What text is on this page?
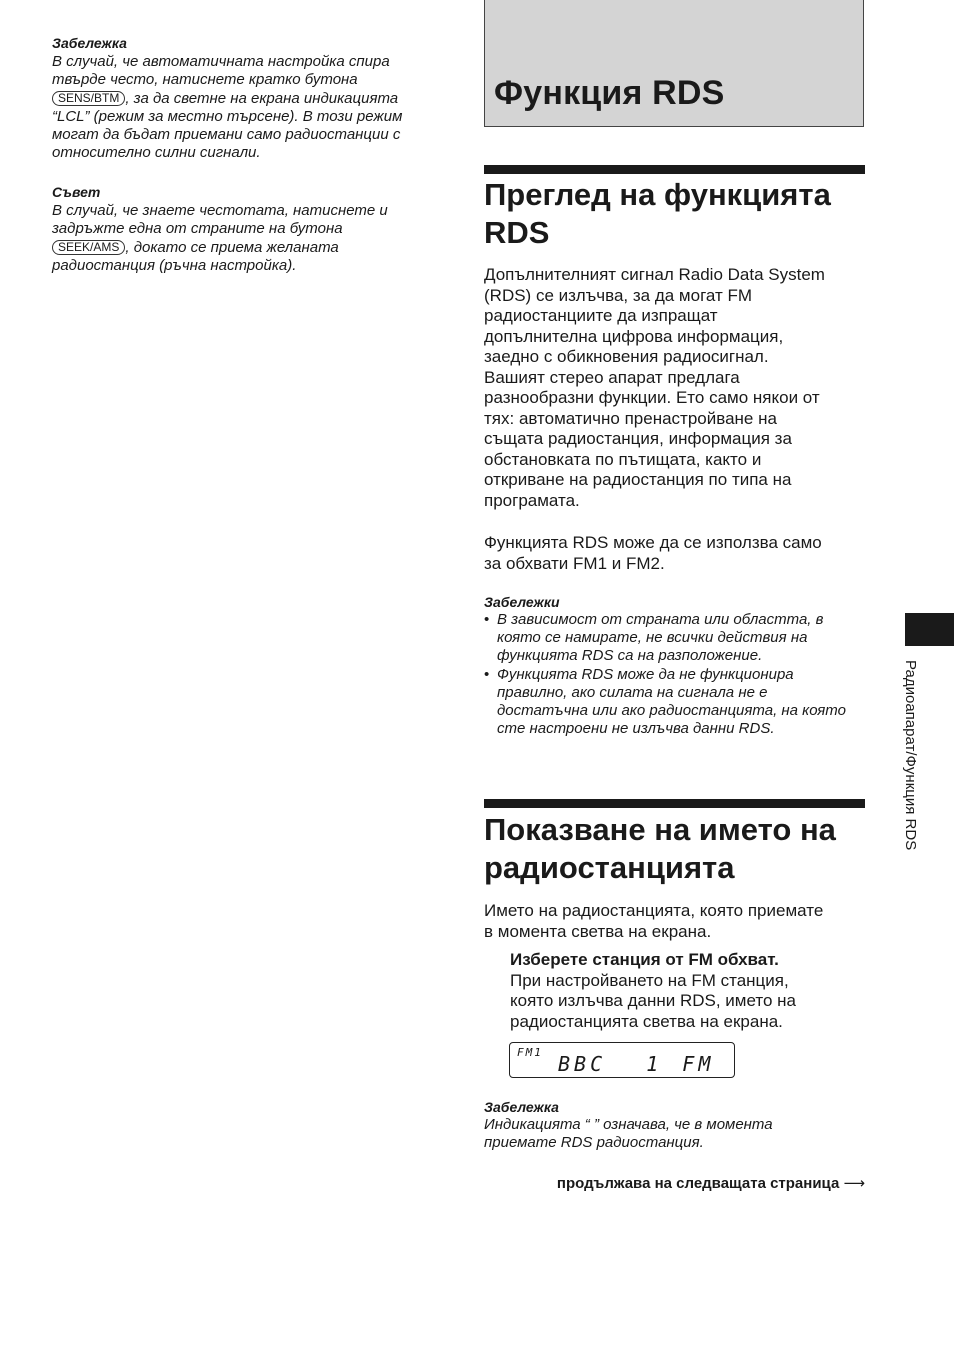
Забележка
В случай, че автоматичната настройка спира
твърде често, натиснете кратко бутона
SENS/BTM , за да светне на екрана индикацията
“LCL” (режим за местно търсене). В този режим
могат да бъдат приемани само радиостанции с
относително силни сигнали.
Съвет
В случай, че знаете честотата, натиснете и
задръжте една от страните на бутона
SEEK/AMS , докато се приема желаната
радиостанция (ръчна настройка).
Функция RDS
Преглед на функцията
RDS
Допълнителният сигнал Radio Data System
(RDS) се излъчва, за да могат FM
радиостанциите да изпращат
допълнителна цифрова информация,
заедно с обикновения радиосигнал.
Вашият стерео апарат предлага
разнообразни функции. Ето само някои от
тях: автоматично пренастройване на
същата радиостанция, информация за
обстановката по пътищата, както и
откриване на радиостанция по типа на
програмата.
Функцията RDS може да се използва само
за обхвати FM1 и FM2.
Забележки
• В зависимост от страната или областта, в
която се намирате, не всички действия на
функцията RDS са на разположение.
• Функцията RDS може да не функционира
правилно, ако силата на сигнала не е
достатъчна или ако радиостанцията, на която
сте настроени не излъчва данни RDS.
Показване на името на
радиостанцията
Името на радиостанцията, която приемате
в момента светва на екрана.
Изберете станция от FM обхват.
При настройването на FM станция,
която излъчва данни RDS, името на
радиостанцията светва на екрана.
FM1 BBC  1 FM
Забележка
Индикацията “ ” означава, че в момента
приемате RDS радиостанция.
продължава на следващата страница ⟶
Радиоапарат/Функция RDS
